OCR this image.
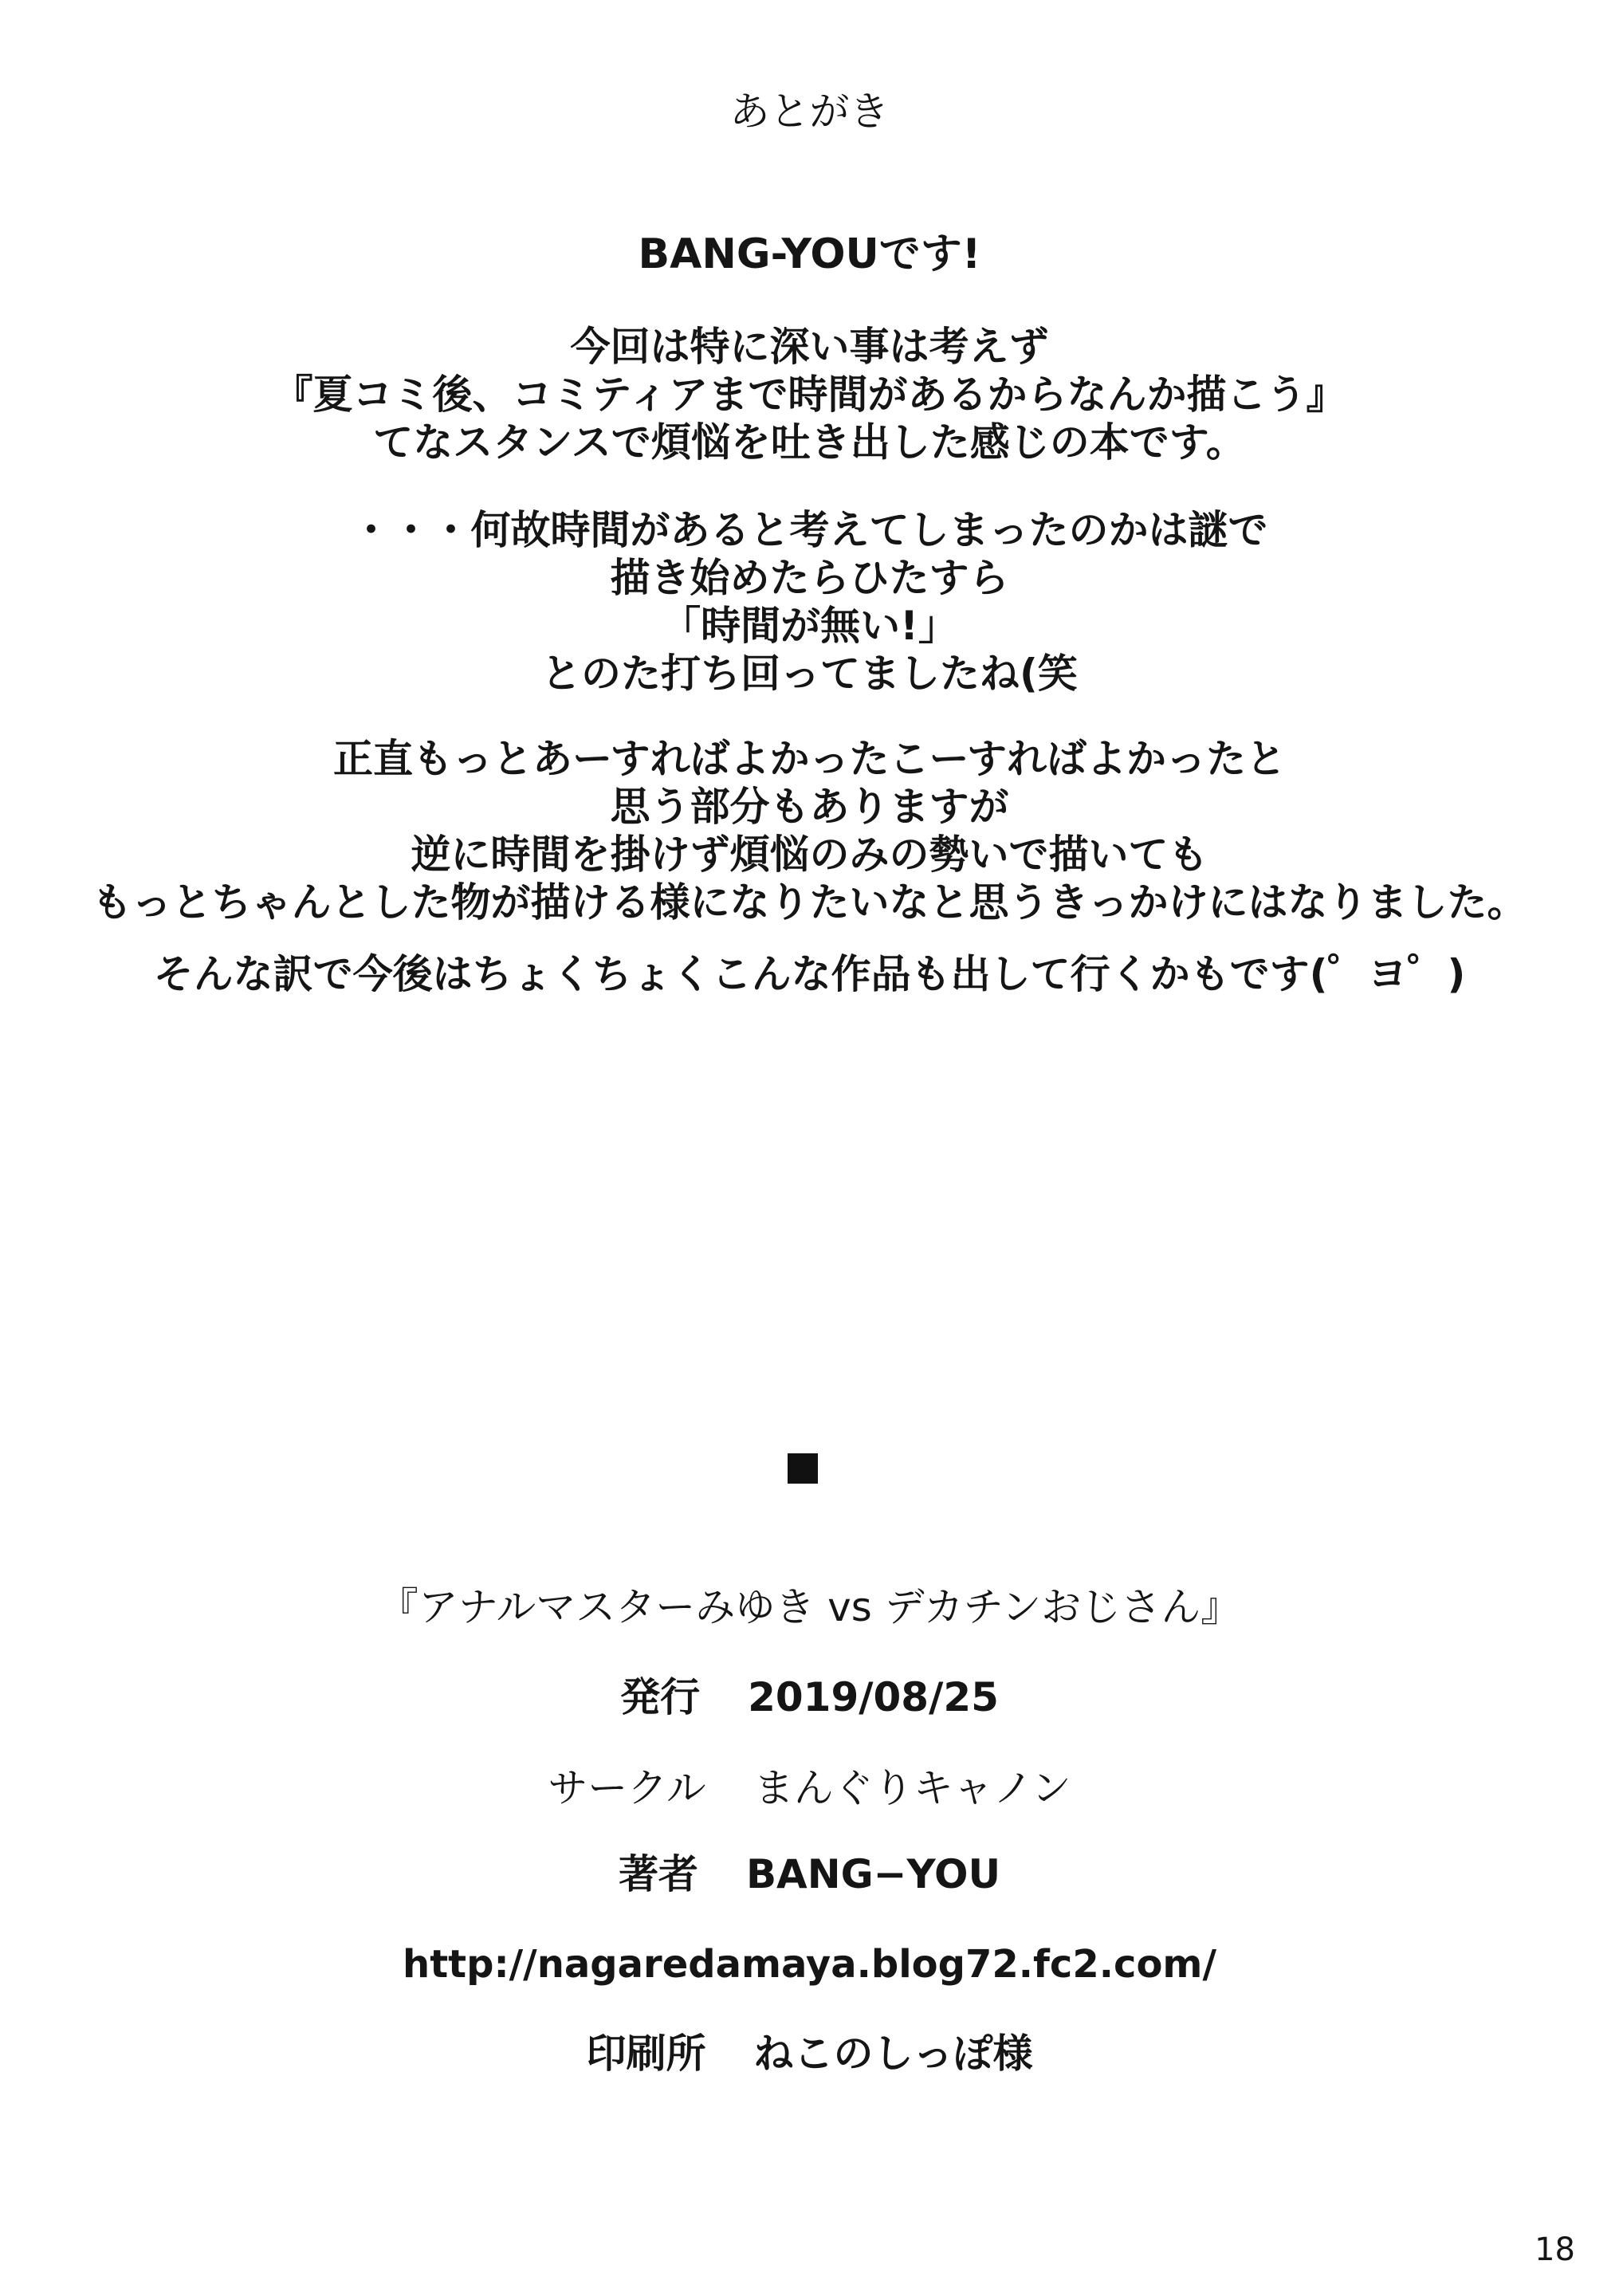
あとがき
BANG-YOUです!
今回は特に深い事は考えず
『夏コミ後、コミティアまで時間があるからなんか描こう』
てなスタンスで煩悩を吐き出した感じの本です。
・・・何故時間があると考えてしまったのかは謎で
描き始めたらひたすら
「時間が無い!」
とのた打ち回ってましたね(笑
正直もっとあーすればよかったこーすればよかったと
思う部分もありますが
逆に時間を掛けず煩悩のみの勢いで描いても
もっとちゃんとした物が描ける様になりたいなと思うきっかけにはなりました。
そんな訳で今後はちょくちょくこんな作品も出して行くかもです(゜ヨ゜)
『アナルマスターみゆき vs デカチンおじさん』
発行 2019/08/25
サークル まんぐりキャノン
著者 BANG−YOU
http://nagaredamaya.blog72.fc2.com/
印刷所 ねこのしっぽ様
18
